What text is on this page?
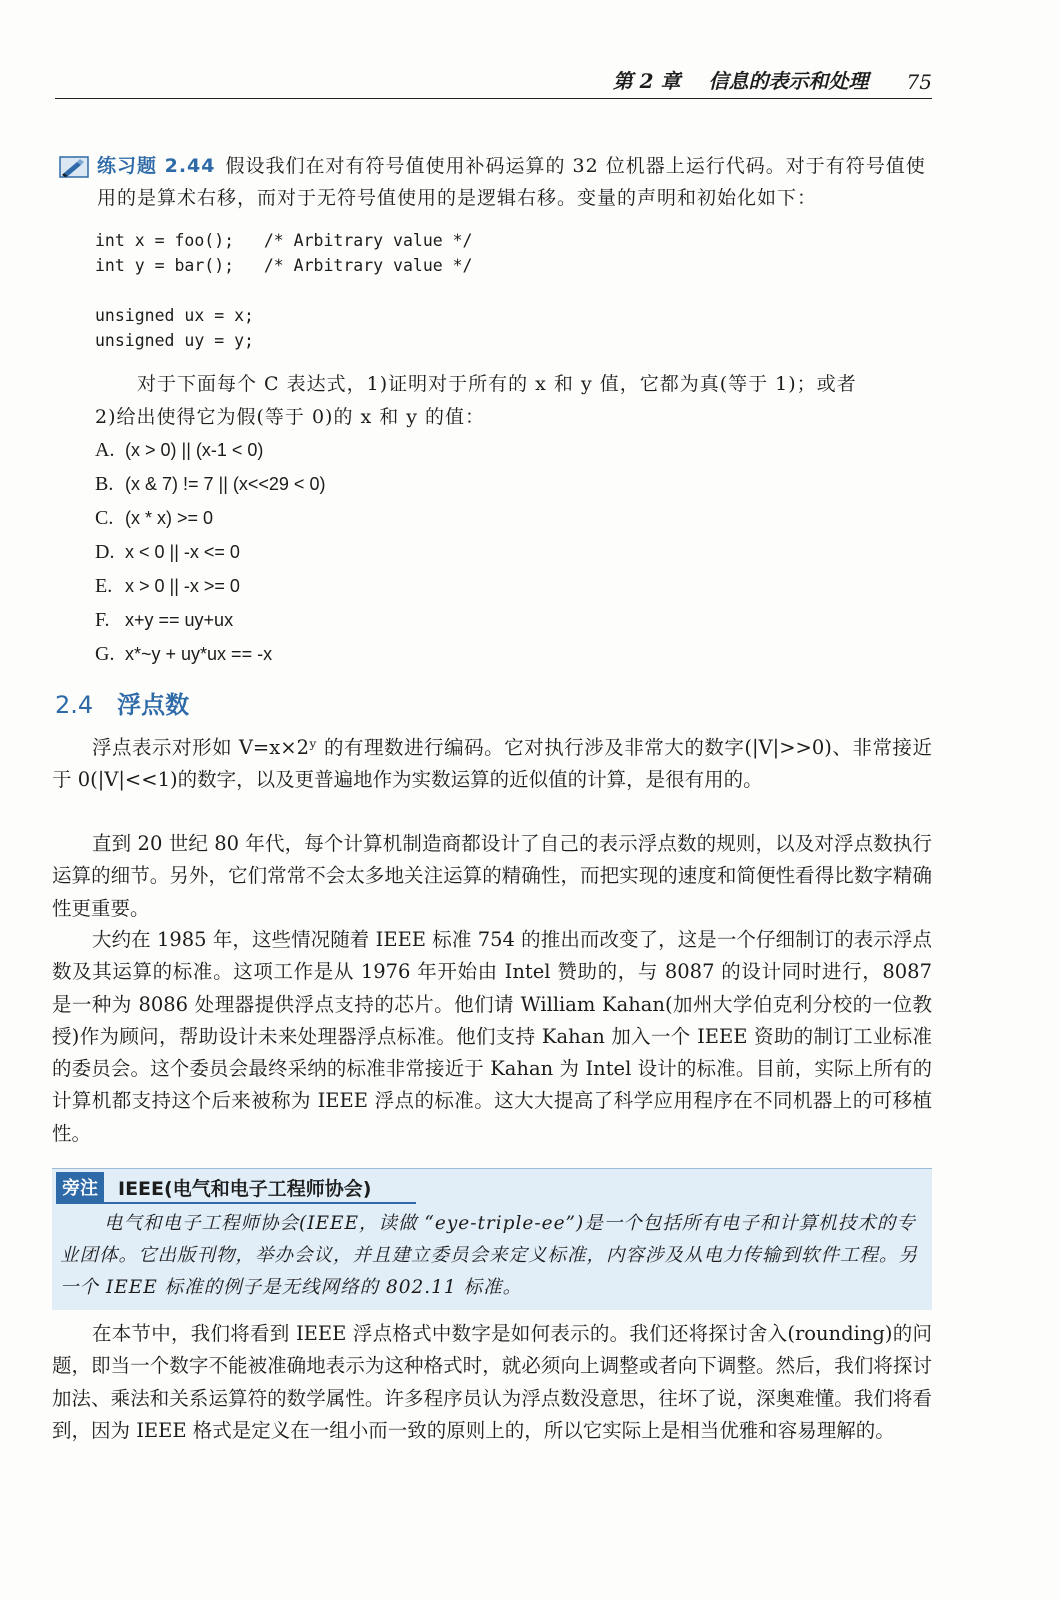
第 2 章 信息的表示和处理 75
练习题 2.44 假设我们在对有符号值使用补码运算的 32 位机器上运行代码。对于有符号值使用的是算术右移，而对于无符号值使用的是逻辑右移。变量的声明和初始化如下：
int x = foo();   /* Arbitrary value */
int y = bar();   /* Arbitrary value */
unsigned ux = x;
unsigned uy = y;
对于下面每个 C 表达式，1)证明对于所有的 x 和 y 值，它都为真(等于 1)；或者
2)给出使得它为假(等于 0)的 x 和 y 的值：
A. (x > 0) || (x-1 < 0)
B. (x & 7) != 7 || (x<<29 < 0)
C. (x * x) >= 0
D. x < 0 || -x <= 0
E. x > 0 || -x >= 0
F. x+y == uy+ux
G. x*~y + uy*ux == -x
2.4 浮点数

浮点表示对形如 V=x×2ʸ 的有理数进行编码。它对执行涉及非常大的数字(|V|>>0)、非常接近于 0(|V|<<1)的数字，以及更普遍地作为实数运算的近似值的计算，是很有用的。

直到 20 世纪 80 年代，每个计算机制造商都设计了自己的表示浮点数的规则，以及对浮点数执行运算的细节。另外，它们常常不会太多地关注运算的精确性，而把实现的速度和简便性看得比数字精确性更重要。

大约在 1985 年，这些情况随着 IEEE 标准 754 的推出而改变了，这是一个仔细制订的表示浮点数及其运算的标准。这项工作是从 1976 年开始由 Intel 赞助的，与 8087 的设计同时进行，8087 是一种为 8086 处理器提供浮点支持的芯片。他们请 William Kahan(加州大学伯克利分校的一位教授)作为顾问，帮助设计未来处理器浮点标准。他们支持 Kahan 加入一个 IEEE 资助的制订工业标准的委员会。这个委员会最终采纳的标准非常接近于 Kahan 为 Intel 设计的标准。目前，实际上所有的计算机都支持这个后来被称为 IEEE 浮点的标准。这大大提高了科学应用程序在不同机器上的可移植性。

旁注	IEEE(电气和电子工程师协会)
电气和电子工程师协会(IEEE，读做 “eye-triple-ee”)是一个包括所有电子和计算机技术的专业团体。它出版刊物，举办会议，并且建立委员会来定义标准，内容涉及从电力传输到软件工程。另一个 IEEE 标准的例子是无线网络的 802.11 标准。

在本节中，我们将看到 IEEE 浮点格式中数字是如何表示的。我们还将探讨舍入(rounding)的问题，即当一个数字不能被准确地表示为这种格式时，就必须向上调整或者向下调整。然后，我们将探讨加法、乘法和关系运算符的数学属性。许多程序员认为浮点数没意思，往坏了说，深奥难懂。我们将看到，因为 IEEE 格式是定义在一组小而一致的原则上的，所以它实际上是相当优雅和容易理解的。
